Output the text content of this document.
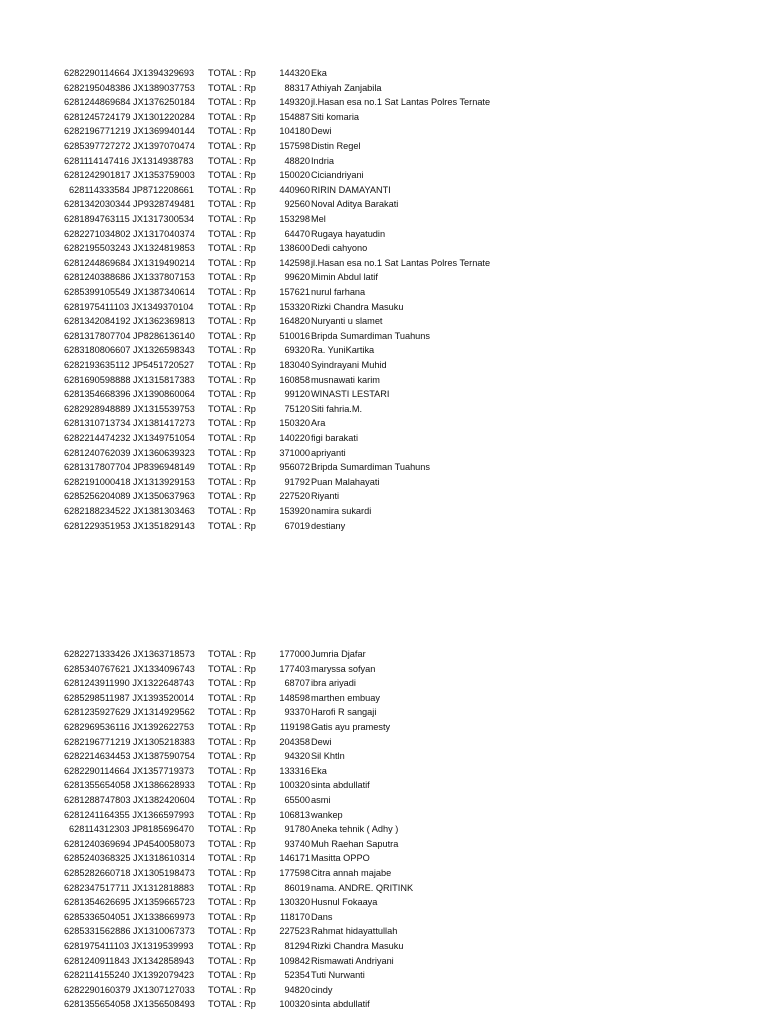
6282290114664 JX1394329693 TOTAL : Rp	144320 Eka
6282195048386 JX1389037753 TOTAL : Rp	88317 Athiyah Zanjabila
6281244869684 JX1376250184 TOTAL : Rp	149320 jl.Hasan esa no.1 Sat Lantas Polres Ternate
6281245724179 JX1301220284 TOTAL : Rp	154887 Siti komaria
6282196771219 JX1369940144 TOTAL : Rp	104180 Dewi
6285397727272 JX1397070474 TOTAL : Rp	157598 Distin Regel
6281114147416 JX1314938783 TOTAL : Rp	48820 Indria
6281242901817 JX1353759003 TOTAL : Rp	150020 Ciciandriyani
628114333584 JP8712208661 TOTAL : Rp	440960 RIRIN DAMAYANTI
6281342030344 JP9328749481 TOTAL : Rp	92560 Noval Aditya Barakati
6281894763115 JX1317300534 TOTAL : Rp	153298 Mel
6282271034802 JX1317040374 TOTAL : Rp	64470 Rugaya hayatudin
6282195503243 JX1324819853 TOTAL : Rp	138600 Dedi cahyono
6281244869684 JX1319490214 TOTAL : Rp	142598 jl.Hasan esa no.1 Sat Lantas Polres Ternate
6281240388686 JX1337807153 TOTAL : Rp	99620 Mimin Abdul latif
6285399105549 JX1387340614 TOTAL : Rp	157621 nurul farhana
6281975411103 JX1349370104 TOTAL : Rp	153320 Rizki Chandra Masuku
6281342084192 JX1362369813 TOTAL : Rp	164820 Nuryanti u slamet
6281317807704 JP8286136140 TOTAL : Rp	510016 Bripda Sumardiman Tuahuns
6283180806607 JX1326598343 TOTAL : Rp	69320 Ra. YuniKartika
6282193635112 JP5451720527 TOTAL : Rp	183040 Syindrayani Muhid
6281690598888 JX1315817383 TOTAL : Rp	160858 musnawati karim
6281354668396 JX1390860064 TOTAL : Rp	99120 WINASTI LESTARI
6282928948889 JX1315539753 TOTAL : Rp	75120 Siti fahria.M.
6281310713734 JX1381417273 TOTAL : Rp	150320 Ara
6282214474232 JX1349751054 TOTAL : Rp	140220 figi barakati
6281240762039 JX1360639323 TOTAL : Rp	371000 apriyanti
6281317807704 JP8396948149 TOTAL : Rp	956072 Bripda Sumardiman Tuahuns
6282191000418 JX1313929153 TOTAL : Rp	91792 Puan Malahayati
6285256204089 JX1350637963 TOTAL : Rp	227520 Riyanti
6282188234522 JX1381303463 TOTAL : Rp	153920 namira sukardi
6281229351953 JX1351829143 TOTAL : Rp	67019 destiany
6282271333426 JX1363718573 TOTAL : Rp	177000 Jumria Djafar
6285340767621 JX1334096743 TOTAL : Rp	177403 maryssa sofyan
6281243911990 JX1322648743 TOTAL : Rp	68707 ibra ariyadi
6285298511987 JX1393520014 TOTAL : Rp	148598 marthen embuay
6281235927629 JX1314929562 TOTAL : Rp	93370 Harofi R sangaji
6282969536116 JX1392622753 TOTAL : Rp	119198 Gatis ayu pramesty
6282196771219 JX1305218383 TOTAL : Rp	204358 Dewi
6282214634453 JX1387590754 TOTAL : Rp	94320 Sil Khtln
6282290114664 JX1357719373 TOTAL : Rp	133316 Eka
6281355654058 JX1386628933 TOTAL : Rp	100320 sinta abdullatif
6281288747803 JX1382420604 TOTAL : Rp	65500 asmi
6281241164355 JX1366597993 TOTAL : Rp	106813 wankep
628114312303 JP8185696470 TOTAL : Rp	91780 Aneka tehnik ( Adhy )
6281240369694 JP4540058073 TOTAL : Rp	93740 Muh Raehan Saputra
6285240368325 JX1318610314 TOTAL : Rp	146171 Masitta OPPO
6285282660718 JX1305198473 TOTAL : Rp	177598 Citra annah majabe
6282347517711 JX1312818883 TOTAL : Rp	86019 nama. ANDRE. QRITINK
6281354626695 JX1359665723 TOTAL : Rp	130320 Husnul Fokaaya
6285336504051 JX1338669973 TOTAL : Rp	118170 Dans
6285331562886 JX1310067373 TOTAL : Rp	227523 Rahmat hidayattullah
6281975411103 JX1319539993 TOTAL : Rp	81294 Rizki Chandra Masuku
6281240911843 JX1342858943 TOTAL : Rp	109842 Rismawati Andriyani
6282114155240 JX1392079423 TOTAL : Rp	52354 Tuti Nurwanti
6282290160379 JX1307127033 TOTAL : Rp	94820 cindy
6281355654058 JX1356508493 TOTAL : Rp	100320 sinta abdullatif
